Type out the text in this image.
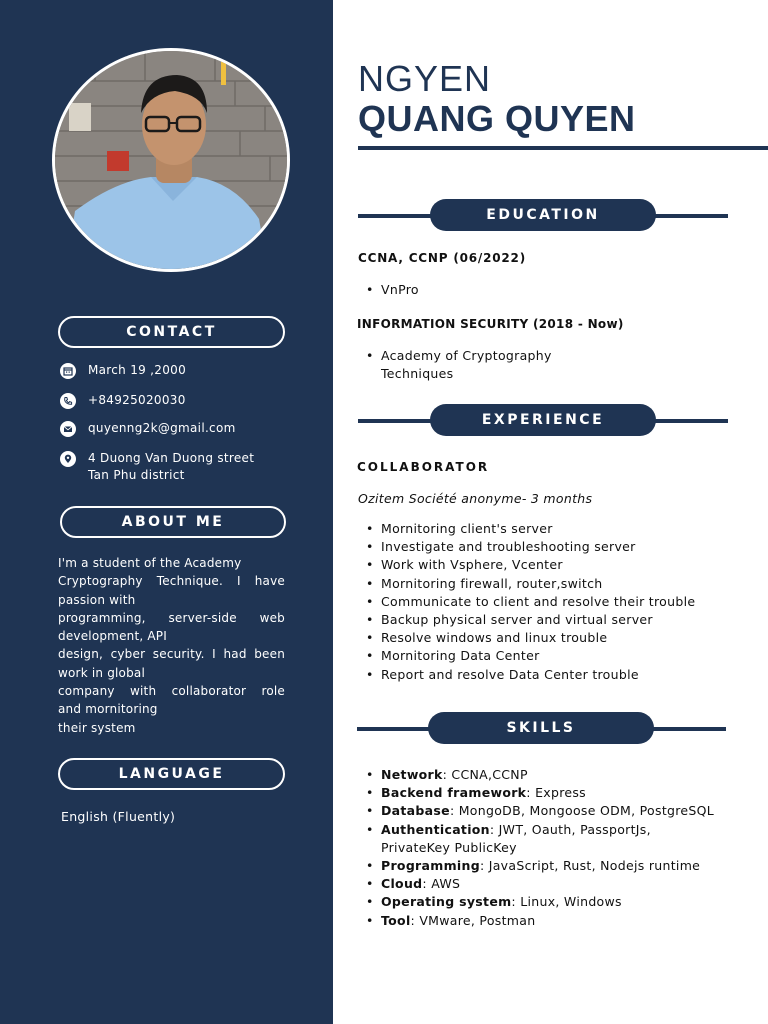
CONTACT
March 19 ,2000
+84925020030
quyenng2k@gmail.com
4 Duong Van Duong street
Tan Phu district
ABOUT ME
I'm a student of the Academy
Cryptography Technique. I have
passion with
programming, server-side web
development, API
design, cyber security. I had been
work in global
company with collaborator role
and mornitoring
their system
LANGUAGE
English (Fluently)
NGYEN
QUANG QUYEN
EDUCATION
CCNA, CCNP (06/2022)
• VnPro
INFORMATION SECURITY (2018 - Now)
• Academy of Cryptography
Techniques
EXPERIENCE
COLLABORATOR
Ozitem Société anonyme- 3 months
• Mornitoring client's server
• Investigate and troubleshooting server
• Work with Vsphere, Vcenter
• Mornitoring firewall, router,switch
• Communicate to client and resolve their trouble
• Backup physical server and virtual server
• Resolve windows and linux trouble
• Mornitoring Data Center
• Report and resolve Data Center trouble
SKILLS
• Network: CCNA,CCNP
• Backend framework: Express
• Database: MongoDB, Mongoose ODM, PostgreSQL
• Authentication: JWT, Oauth, PassportJs,
PrivateKey PublicKey
• Programming: JavaScript, Rust, Nodejs runtime
• Cloud: AWS
• Operating system: Linux, Windows
• Tool: VMware, Postman
